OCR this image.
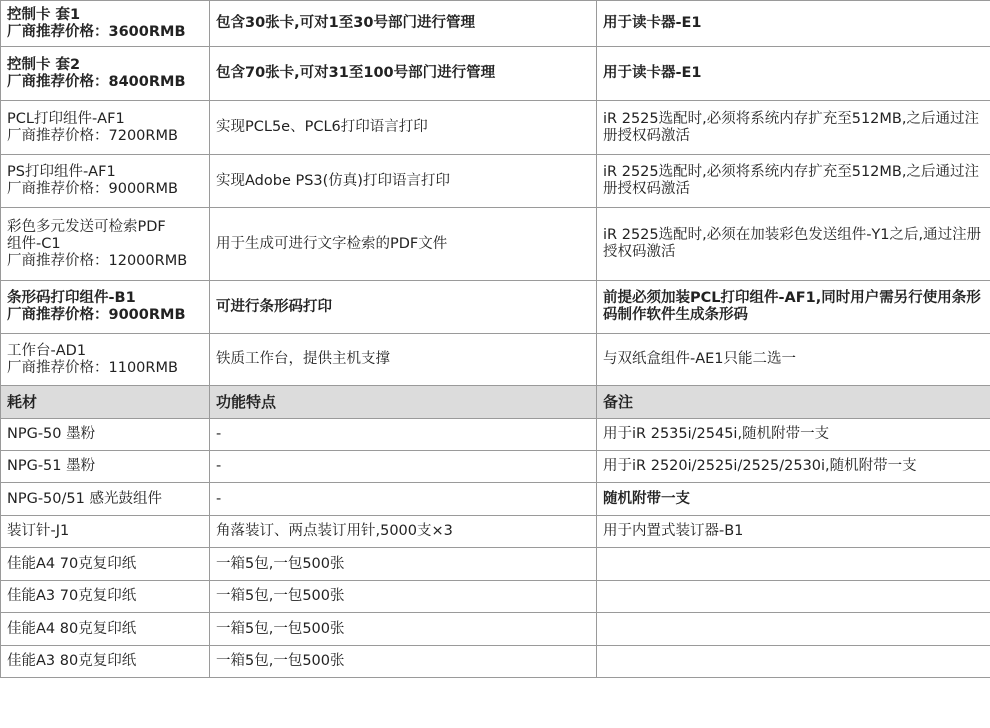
控制卡 套1
厂商推荐价格：3600RMB	包含30张卡,可对1至30号部门进行管理	用于读卡器-E1

控制卡 套2
厂商推荐价格：8400RMB	包含70张卡,可对31至100号部门进行管理	用于读卡器-E1

PCL打印组件-AF1
厂商推荐价格：7200RMB	实现PCL5e、PCL6打印语言打印	iR 2525选配时,必须将系统内存扩充至512MB,之后通过注册授权码激活

PS打印组件-AF1
厂商推荐价格：9000RMB	实现Adobe PS3(仿真)打印语言打印	iR 2525选配时,必须将系统内存扩充至512MB,之后通过注册授权码激活

彩色多元发送可检索PDF
组件-C1
厂商推荐价格：12000RMB	用于生成可进行文字检索的PDF文件	iR 2525选配时,必须在加装彩色发送组件-Y1之后,通过注册授权码激活

条形码打印组件-B1
厂商推荐价格：9000RMB	可进行条形码打印	前提必须加装PCL打印组件-AF1,同时用户需另行使用条形码制作软件生成条形码

工作台-AD1
厂商推荐价格：1100RMB	铁质工作台，提供主机支撑	与双纸盒组件-AE1只能二选一
耗材	功能特点	备注
NPG-50 墨粉	-	用于iR 2535i/2545i,随机附带一支
NPG-51 墨粉	-	用于iR 2520i/2525i/2525/2530i,随机附带一支
NPG-50/51 感光鼓组件	-	随机附带一支
装订针-J1	角落装订、两点装订用针,5000支×3	用于内置式装订器-B1
佳能A4 70克复印纸	一箱5包,一包500张	
佳能A3 70克复印纸	一箱5包,一包500张	
佳能A4 80克复印纸	一箱5包,一包500张	
佳能A3 80克复印纸	一箱5包,一包500张	
